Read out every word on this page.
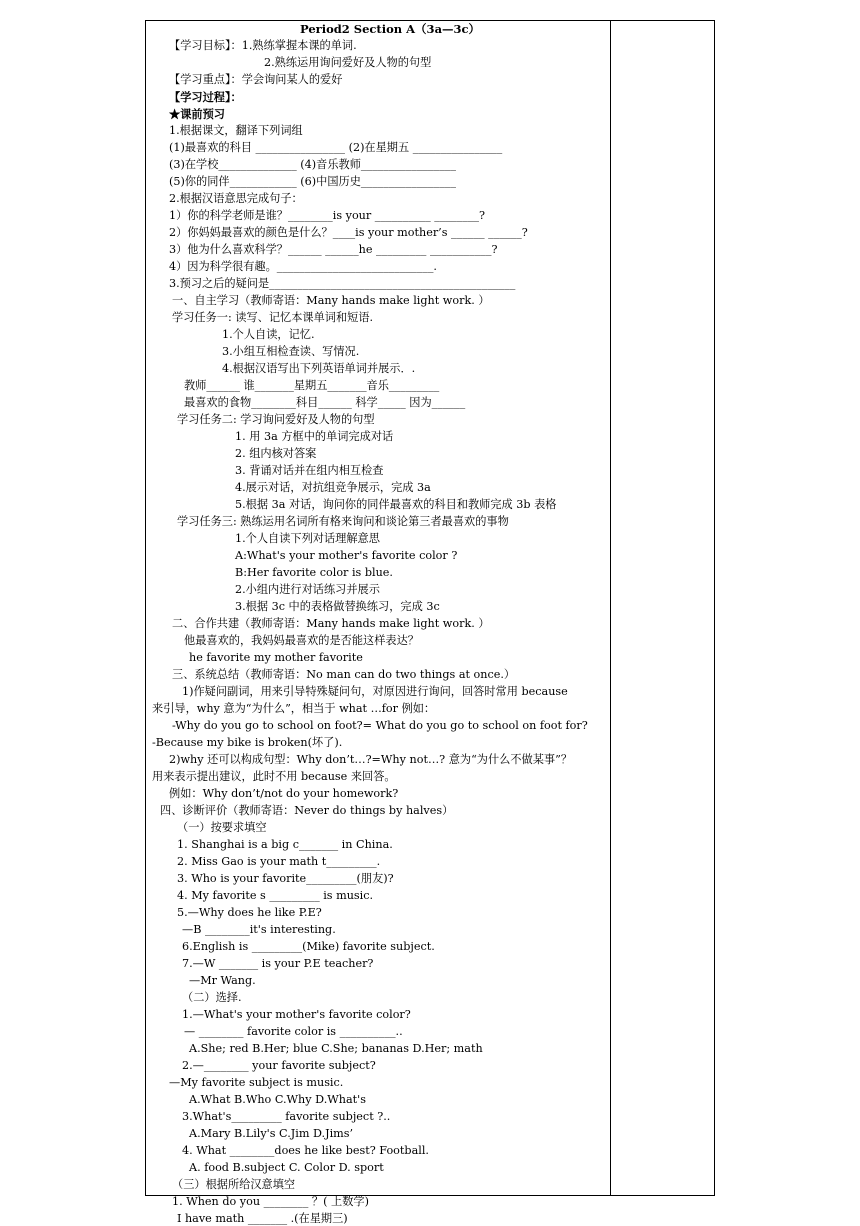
Period2 Section A（3a—3c）
【学习目标】：1.熟练掌握本课的单词.
2.熟练运用询问爱好及人物的句型
【学习重点】：学会询问某人的爱好
【学习过程】：
★课前预习
1.根据课文，翻译下列词组
(1)最喜欢的科目 ________________ (2)在星期五 ________________
(3)在学校______________ (4)音乐教师_________________
(5)你的同伴____________ (6)中国历史_________________
2.根据汉语意思完成句子：
1）你的科学老师是谁？________is your __________ ________?
2）你妈妈最喜欢的颜色是什么？____is your mother’s ______ ______?
3）他为什么喜欢科学？______ ______he _________ ___________?
4）因为科学很有趣。____________________________.
3.预习之后的疑问是____________________________________________
一、自主学习（教师寄语：Many hands make light work. ）
学习任务一: 读写、记忆本课单词和短语.
1.个人自读，记忆.
3.小组互相检查读、写情况.
4.根据汉语写出下列英语单词并展示．.
教师______ 谁_______星期五_______音乐_________
最喜欢的食物________科目______ 科学_____ 因为______
学习任务二: 学习询问爱好及人物的句型
1. 用 3a 方框中的单词完成对话
2. 组内核对答案
3. 背诵对话并在组内相互检查
4.展示对话，对抗组竞争展示，完成 3a
5.根据 3a 对话，询问你的同伴最喜欢的科目和教师完成 3b 表格
学习任务三: 熟练运用名词所有格来询问和谈论第三者最喜欢的事物
1.个人自读下列对话理解意思
A:What's your mother's favorite color ?
B:Her favorite color is blue.
2.小组内进行对话练习并展示
3.根据 3c 中的表格做替换练习，完成 3c
二、合作共建（教师寄语：Many hands make light work. ）
他最喜欢的，我妈妈最喜欢的是否能这样表达？
he favorite my mother favorite
三、系统总结（教师寄语：No man can do two things at once.）
1)作疑问副词，用来引导特殊疑问句，对原因进行询问，回答时常用 because
来引导，why 意为“为什么”，相当于 what …for 例如：
-Why do you go to school on foot?= What do you go to school on foot for?
-Because my bike is broken(坏了).
2)why 还可以构成句型：Why don’t…?=Why not…? 意为“为什么不做某事”？
用来表示提出建议，此时不用 because 来回答。
例如：Why don’t/not do your homework?
四、诊断评价（教师寄语：Never do things by halves）
（一）按要求填空
1. Shanghai is a big c_______ in China.
2. Miss Gao is your math t_________.
3. Who is your favorite_________(朋友)?
4. My favorite s _________ is music.
5.—Why does he like P.E?
—B ________it's interesting.
6.English is _________(Mike) favorite subject.
7.—W _______ is your P.E teacher?
—Mr Wang.
（二）选择.
1.—What's your mother's favorite color?
— ________ favorite color is __________..
A.She; red B.Her; blue C.She; bananas D.Her; math
2.—________ your favorite subject?
—My favorite subject is music.
A.What B.Who C.Why D.What's
3.What's_________ favorite subject ?..
A.Mary B.Lily's C.Jim D.Jims’
4. What ________does he like best? Football.
A. food B.subject C. Color D. sport
（三）根据所给汉意填空
1. When do you ________ ？( 上数学)
I have math _______ .(在星期三)
